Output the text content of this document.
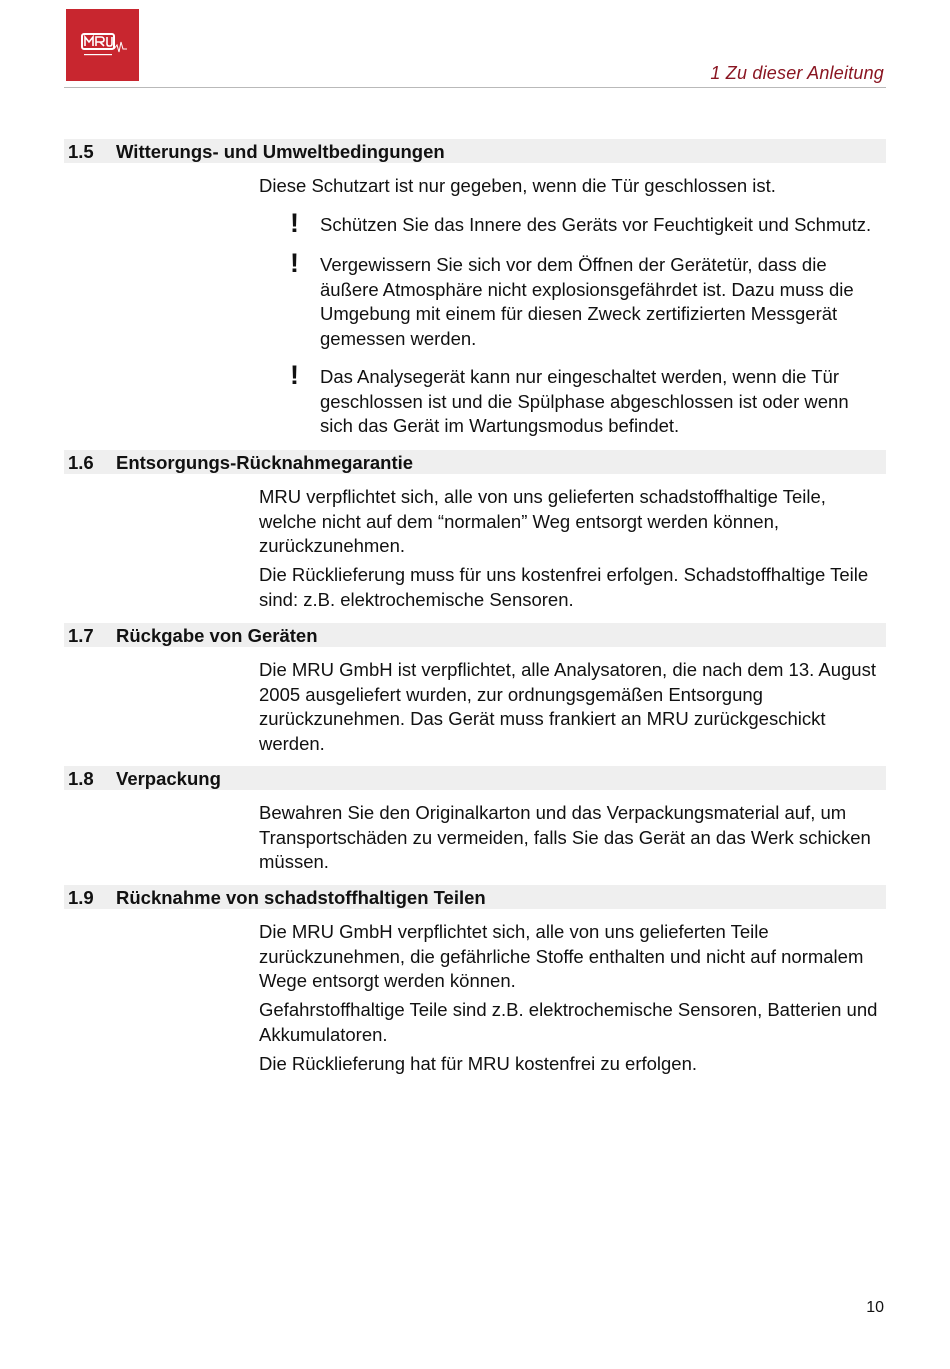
1 Zu dieser Anleitung
1.5 Witterungs- und Umweltbedingungen
Diese Schutzart ist nur gegeben, wenn die Tür geschlossen ist.
! Schützen Sie das Innere des Geräts vor Feuchtigkeit und Schmutz.
! Vergewissern Sie sich vor dem Öffnen der Gerätetür, dass die äußere Atmosphäre nicht explosionsgefährdet ist. Dazu muss die Umgebung mit einem für diesen Zweck zertifizierten Messgerät gemessen werden.
! Das Analysegerät kann nur eingeschaltet werden, wenn die Tür geschlossen ist und die Spülphase abgeschlossen ist oder wenn sich das Gerät im Wartungsmodus befindet.
1.6 Entsorgungs-Rücknahmegarantie
MRU verpflichtet sich, alle von uns gelieferten schadstoffhaltige Teile, welche nicht auf dem “normalen” Weg entsorgt werden können, zurückzunehmen.
Die Rücklieferung muss für uns kostenfrei erfolgen. Schadstoffhaltige Teile sind: z.B. elektrochemische Sensoren.
1.7 Rückgabe von Geräten
Die MRU GmbH ist verpflichtet, alle Analysatoren, die nach dem 13. August 2005 ausgeliefert wurden, zur ordnungsgemäßen Entsorgung zurückzunehmen. Das Gerät muss frankiert an MRU zurückgeschickt werden.
1.8 Verpackung
Bewahren Sie den Originalkarton und das Verpackungsmaterial auf, um Transportschäden zu vermeiden, falls Sie das Gerät an das Werk schicken müssen.
1.9 Rücknahme von schadstoffhaltigen Teilen
Die MRU GmbH verpflichtet sich, alle von uns gelieferten Teile zurückzunehmen, die gefährliche Stoffe enthalten und nicht auf normalem Wege entsorgt werden können.
Gefahrstoffhaltige Teile sind z.B. elektrochemische Sensoren, Batterien und Akkumulatoren.
Die Rücklieferung hat für MRU kostenfrei zu erfolgen.
10
